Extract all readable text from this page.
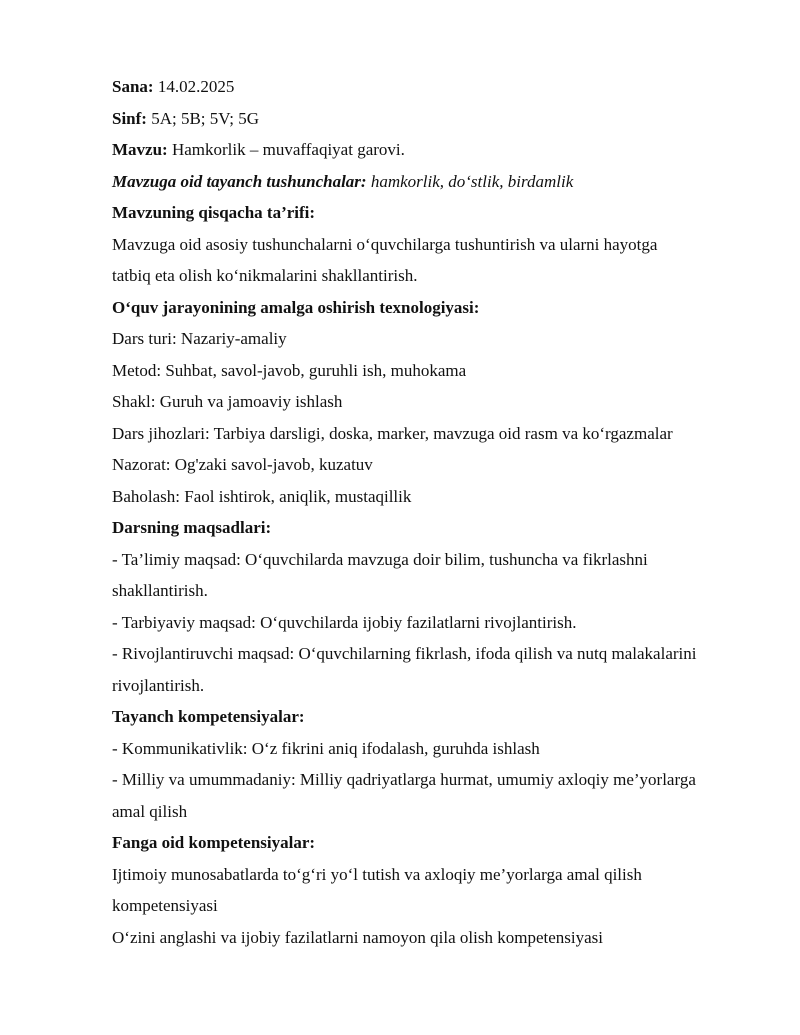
Sana: 14.02.2025

Sinf: 5A; 5B; 5V; 5G

Mavzu: Hamkorlik – muvaffaqiyat garovi.

Mavzuga oid tayanch tushunchalar: hamkorlik, do‘stlik, birdamlik

Mavzuning qisqacha ta’rifi:

Mavzuga oid asosiy tushunchalarni o‘quvchilarga tushuntirish va ularni hayotga

tatbiq eta olish ko‘nikmalarini shakllantirish.

O‘quv jarayonining amalga oshirish texnologiyasi:

Dars turi: Nazariy-amaliy

Metod: Suhbat, savol-javob, guruhli ish, muhokama

Shakl: Guruh va jamoaviy ishlash

Dars jihozlari: Tarbiya darsligi, doska, marker, mavzuga oid rasm va ko‘rgazmalar

Nazorat: Og'zaki savol-javob, kuzatuv

Baholash: Faol ishtirok, aniqlik, mustaqillik

Darsning maqsadlari:

- Ta’limiy maqsad: O‘quvchilarda mavzuga doir bilim, tushuncha va fikrlashni

shakllantirish.

- Tarbiyaviy maqsad: O‘quvchilarda ijobiy fazilatlarni rivojlantirish.

- Rivojlantiruvchi maqsad: O‘quvchilarning fikrlash, ifoda qilish va nutq malakalarini

rivojlantirish.

Tayanch kompetensiyalar:

- Kommunikativlik: O‘z fikrini aniq ifodalash, guruhda ishlash

- Milliy va umummadaniy: Milliy qadriyatlarga hurmat, umumiy axloqiy me’yorlarga

amal qilish

Fanga oid kompetensiyalar:

Ijtimoiy munosabatlarda to‘g‘ri yo‘l tutish va axloqiy me’yorlarga amal qilish

kompetensiyasi

O‘zini anglashi va ijobiy fazilatlarni namoyon qila olish kompetensiyasi
